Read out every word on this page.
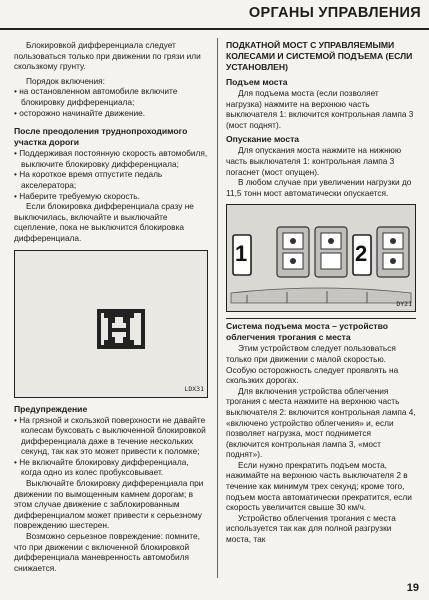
ОРГАНЫ УПРАВЛЕНИЯ

Блокировкой дифференциала следует пользоваться только при движении по грязи или скользкому грунту.

Порядок включения:

• на остановленном автомобиле включите блокировку дифференциала;

• осторожно начинайте движение.

После преодоления труднопроходимого участка дороги

• Поддерживая постоянную скорость автомобиля, выключите блокировку дифференциала;

• На короткое время отпустите педаль акселератора;

• Наберите требуемую скорость.

Если блокировка дифференциала сразу не выключилась, включайте и выключайте сцепление, пока не выключится блокировка дифференциала.

LDX31

Предупреждение

• На грязной и скользкой поверхности не давайте колесам буксовать с выключенной блокировкой дифференциала даже в течение нескольких секунд, так как это может привести к поломке;

• Не включайте блокировку дифференциала, когда одно из колес пробуксовывает.

Выключайте блокировку дифференциала при движении по вымощенным камнем дорогам; в этом случае движение с заблокированным дифференциалом может привести к серьезному повреждению шестерен.

Возможно серьезное повреждение: помните, что при движении с включенной блокировкой дифференциала маневренность автомобиля снижается.

ПОДКАТНОЙ МОСТ С УПРАВЛЯЕМЫМИ КОЛЕСАМИ И СИСТЕМОЙ ПОДЪЕМА (ЕСЛИ УСТАНОВЛЕН)

Подъем моста

Для подъема моста (если позволяет нагрузка) нажмите на верхнюю часть выключателя 1: включится контрольная лампа 3 (мост поднят).

Опускание моста

Для опускания моста нажмите на нижнюю часть выключателя 1: контрольная лампа 3 погаснет (мост опущен).

В любом случае при увеличении нагрузки до 11,5 тонн мост автоматически опускается.

1	2
DY21

Система подъема моста – устройство облегчения трогания с места

Этим устройством следует пользоваться только при движении с малой скоростью. Особую осторожность следует проявлять на скользких дорогах.

Для включения устройства облегчения трогания с места нажмите на верхнюю часть выключателя 2: включится контрольная лампа 4, «включено устройство облегчения» и, если позволяет нагрузка, мост поднимется (включится контрольная лампа 3, «мост поднят»).

Если нужно прекратить подъем моста, нажимайте на верхнюю часть выключателя 2 в течение как минимум трех секунд; кроме того, подъем моста автоматически прекратится, если скорость увеличится свыше 30 км/ч.

Устройство облегчения трогания с места используется так как для полной разгрузки моста, так

19
